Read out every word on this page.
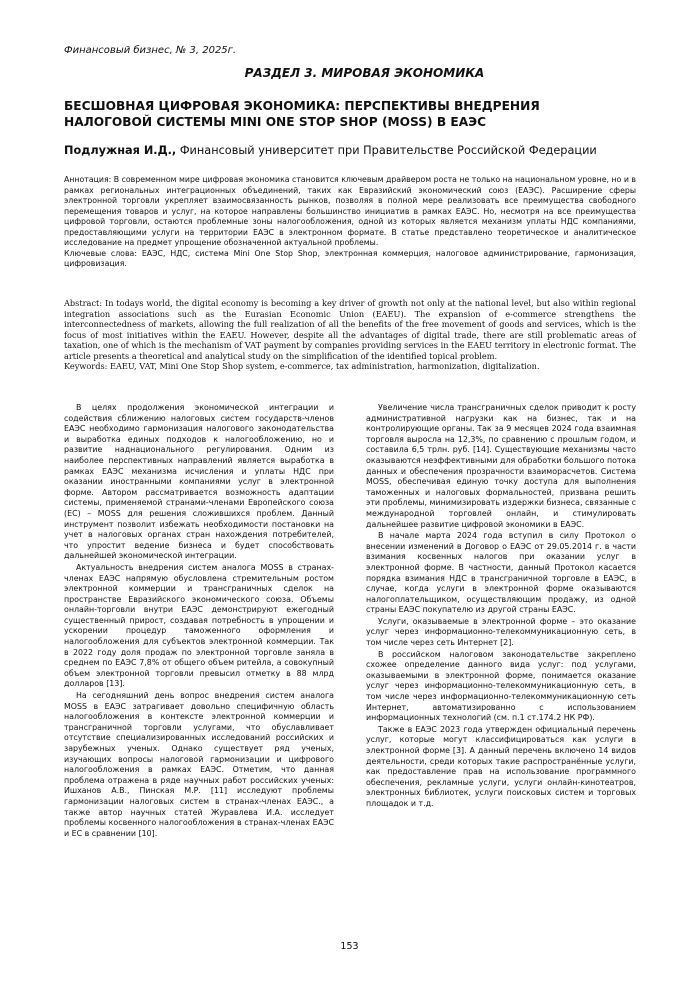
Финансовый бизнес, № 3, 2025г.
РАЗДЕЛ 3. МИРОВАЯ ЭКОНОМИКА
БЕСШОВНАЯ ЦИФРОВАЯ ЭКОНОМИКА: ПЕРСПЕКТИВЫ ВНЕДРЕНИЯ НАЛОГОВОЙ СИСТЕМЫ MINI ONE STOP SHOP (MOSS) В ЕАЭС
Подлужная И.Д., Финансовый университет при Правительстве Российской Федерации
Аннотация: В современном мире цифровая экономика становится ключевым драйвером роста не только на национальном уровне, но и в рамках региональных интеграционных объединений, таких как Евразийский экономический союз (ЕАЭС). Расширение сферы электронной торговли укрепляет взаимосвязанность рынков, позволяя в полной мере реализовать все преимущества свободного перемещения товаров и услуг, на которое направлены большинство инициатив в рамках ЕАЭС. Но, несмотря на все преимущества цифровой торговли, остаются проблемные зоны налогообложения, одной из которых является механизм уплаты НДС компаниями, предоставляющими услуги на территории ЕАЭС в электронном формате. В статье представлено теоретическое и аналитическое исследование на предмет упрощение обозначенной актуальной проблемы.
Ключевые слова: ЕАЭС, НДС, система Mini One Stop Shop, электронная коммерция, налоговое администрирование, гармонизация, цифровизация.
Abstract: In todays world, the digital economy is becoming a key driver of growth not only at the national level, but also within regional integration associations such as the Eurasian Economic Union (EAEU). The expansion of e-commerce strengthens the interconnectedness of markets, allowing the full realization of all the benefits of the free movement of goods and services, which is the focus of most initiatives within the EAEU. However, despite all the advantages of digital trade, there are still problematic areas of taxation, one of which is the mechanism of VAT payment by companies providing services in the EAEU territory in electronic format. The article presents a theoretical and analytical study on the simplification of the identified topical problem.
Keywords: EAEU, VAT, Mini One Stop Shop system, e-commerce, tax administration, harmonization, digitalization.

В целях продолжения экономической интеграции и содействия сближению налоговых систем государств-членов ЕАЭС необходимо гармонизация налогового законодательства и выработка единых подходов к налогообложению, но и развитие наднационального регулирования. Одним из наиболее перспективных направлений является выработка в рамках ЕАЭС механизма исчисления и уплаты НДС при оказании иностранными компаниями услуг в электронной форме. Автором рассматривается возможность адаптации системы, применяемой странами-членами Европейского союза (ЕС) – MOSS для решения сложившихся проблем. Данный инструмент позволит избежать необходимости постановки на учет в налоговых органах стран нахождения потребителей, что упростит ведение бизнеса и будет способствовать дальнейшей экономической интеграции.

Актуальность внедрения систем аналога MOSS в странах-членах ЕАЭС напрямую обусловлена стремительным ростом электронной коммерции и трансграничных сделок на пространстве Евразийского экономического союза. Объемы онлайн-торговли внутри ЕАЭС демонстрируют ежегодный существенный прирост, создавая потребность в упрощении и ускорении процедур таможенного оформления и налогообложения для субъектов электронной коммерции. Так в 2022 году доля продаж по электронной торговле заняла в среднем по ЕАЭС 7,8% от общего объем ритейла, а совокупный объем электронной торговли превысил отметку в 88 млрд долларов [13].

На сегодняшний день вопрос внедрения систем аналога MOSS в ЕАЭС затрагивает довольно специфичную область налогообложения в контексте электронной коммерции и трансграничной торговли услугами, что обуславливает отсутствие специализированных исследований российских и зарубежных ученых. Однако существует ряд ученых, изучающих вопросы налоговой гармонизации и цифрового налогообложения в рамках ЕАЭС. Отметим, что данная проблема отражена в ряде научных работ российских ученых: Ишханов А.В., Пинская М.Р. [11] исследуют проблемы гармонизации налоговых систем в странах-членах ЕАЭС., а также автор научных статей Журавлева И.А. исследует проблемы косвенного налогообложения в странах-членах ЕАЭС и ЕС в сравнении [10].

Увеличение числа трансграничных сделок приводит к росту административной нагрузки как на бизнес, так и на контролирующие органы. Так за 9 месяцев 2024 года взаимная торговля выросла на 12,3%, по сравнению с прошлым годом, и составила 6,5 трлн. руб. [14]. Существующие механизмы часто оказываются неэффективными для обработки большого потока данных и обеспечения прозрачности взаиморасчетов. Система MOSS, обеспечивая единую точку доступа для выполнения таможенных и налоговых формальностей, призвана решить эти проблемы, минимизировать издержки бизнеса, связанные с международной торговлей онлайн, и стимулировать дальнейшее развитие цифровой экономики в ЕАЭС.

В начале марта 2024 года вступил в силу Протокол о внесении изменений в Договор о ЕАЭС от 29.05.2014 г. в части взимания косвенных налогов при оказании услуг в электронной форме. В частности, данный Протокол касается порядка взимания НДС в трансграничной торговле в ЕАЭС, в случае, когда услуги в электронной форме оказываются налогоплательщиком, осуществляющим продажу, из одной страны ЕАЭС покупателю из другой страны ЕАЭС.

Услуги, оказываемые в электронной форме – это оказание услуг через информационно-телекоммуникационную сеть, в том числе через сеть Интернет [2].

В российском налоговом законодательстве закреплено схожее определение данного вида услуг: под услугами, оказываемыми в электронной форме, понимается оказание услуг через информационно-телекоммуникационную сеть, в том числе через информационно-телекоммуникационную сеть Интернет, автоматизированно с использованием информационных технологий (см. п.1 ст.174.2 НК РФ).

Также в ЕАЭС 2023 года утвержден официальный перечень услуг, которые могут классифицироваться как услуги в электронной форме [3]. А данный перечень включено 14 видов деятельности, среди которых такие распространённые услуги, как предоставление прав на использование программного обеспечения, рекламные услуги, услуги онлайн-кинотеатров, электронных библиотек, услуги поисковых систем и торговых площадок и т.д.

153
